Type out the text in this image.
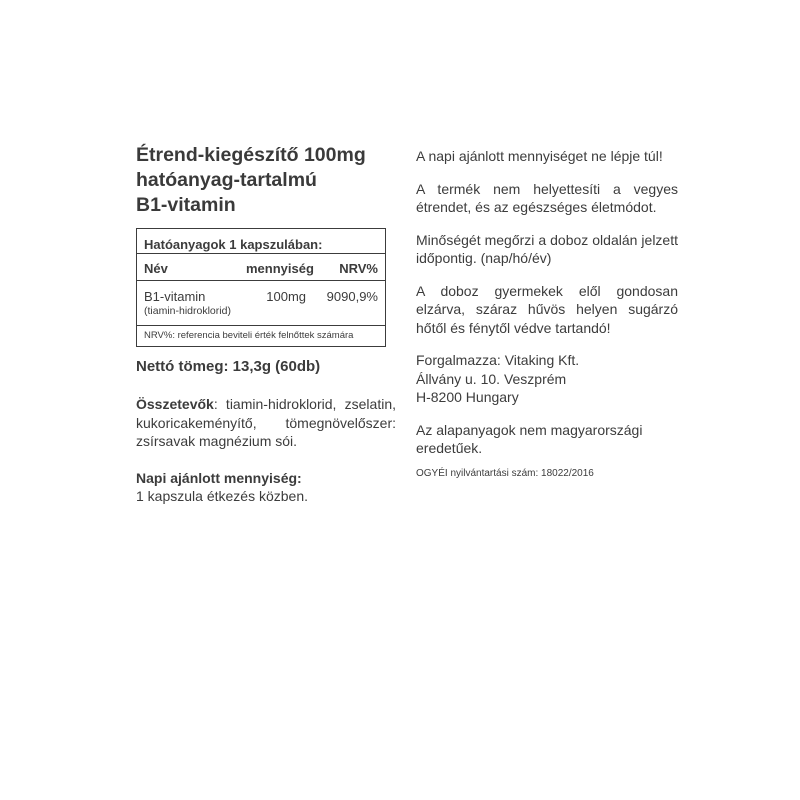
Étrend-kiegészítő 100mg
hatóanyag-tartalmú
B1-vitamin
Hatóanyagok 1 kapszulában:
Név	mennyiség	NRV%
B1-vitamin	100mg	9090,9%
(tiamin-hidroklorid)
NRV%: referencia beviteli érték felnőttek számára
Nettó tömeg: 13,3g (60db)

Összetevők: tiamin-hidroklorid, zselatin, kukoricakeményítő, tömegnövelőszer: zsírsavak magnézium sói.

Napi ajánlott mennyiség:
1 kapszula étkezés közben.

A napi ajánlott mennyiséget ne lépje túl!

A termék nem helyettesíti a vegyes étrendet, és az egészséges életmódot.

Minőségét megőrzi a doboz oldalán jelzett időpontig. (nap/hó/év)

A doboz gyermekek elől gondosan elzárva, száraz hűvös helyen sugárzó hőtől és fénytől védve tartandó!

Forgalmazza: Vitaking Kft.
Állvány u. 10. Veszprém
H-8200 Hungary

Az alapanyagok nem magyarországi eredetűek.

OGYÉI nyilvántartási szám: 18022/2016
